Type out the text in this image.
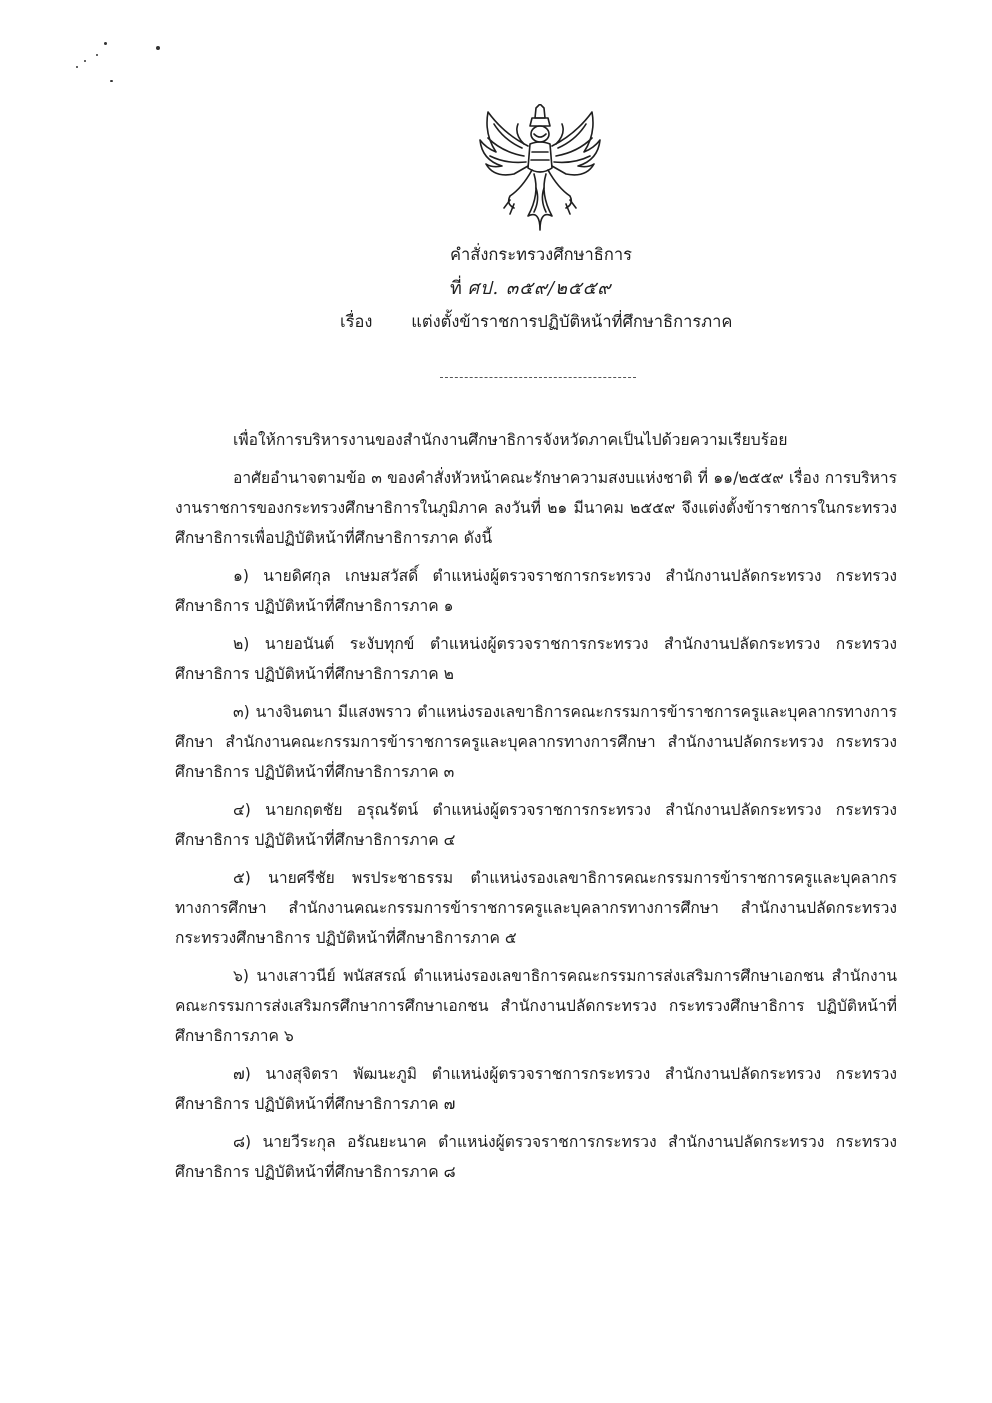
คำสั่งกระทรวงศึกษาธิการ
ที่ ศป. ๓๕๙/๒๕๕๙
เรื่อง แต่งตั้งข้าราชการปฏิบัติหน้าที่ศึกษาธิการภาค

เพื่อให้การบริหารงานของสำนักงานศึกษาธิการจังหวัดภาคเป็นไปด้วยความเรียบร้อย

อาศัยอำนาจตามข้อ ๓ ของคำสั่งหัวหน้าคณะรักษาความสงบแห่งชาติ ที่ ๑๑/๒๕๕๙ เรื่อง การบริหารงานราชการของกระทรวงศึกษาธิการในภูมิภาค ลงวันที่ ๒๑ มีนาคม ๒๕๕๙ จึงแต่งตั้งข้าราชการในกระทรวงศึกษาธิการเพื่อปฏิบัติหน้าที่ศึกษาธิการภาค ดังนี้

๑) นายดิศกุล เกษมสวัสดิ์ ตำแหน่งผู้ตรวจราชการกระทรวง สำนักงานปลัดกระทรวง กระทรวงศึกษาธิการ ปฏิบัติหน้าที่ศึกษาธิการภาค ๑

๒) นายอนันต์ ระงับทุกข์ ตำแหน่งผู้ตรวจราชการกระทรวง สำนักงานปลัดกระทรวง กระทรวงศึกษาธิการ ปฏิบัติหน้าที่ศึกษาธิการภาค ๒

๓) นางจินตนา มีแสงพราว ตำแหน่งรองเลขาธิการคณะกรรมการข้าราชการครูและบุคลากรทางการศึกษา สำนักงานคณะกรรมการข้าราชการครูและบุคลากรทางการศึกษา สำนักงานปลัดกระทรวง กระทรวงศึกษาธิการ ปฏิบัติหน้าที่ศึกษาธิการภาค ๓

๔) นายกฤตชัย อรุณรัตน์ ตำแหน่งผู้ตรวจราชการกระทรวง สำนักงานปลัดกระทรวง กระทรวงศึกษาธิการ ปฏิบัติหน้าที่ศึกษาธิการภาค ๔

๕) นายศรีชัย พรประชาธรรม ตำแหน่งรองเลขาธิการคณะกรรมการข้าราชการครูและบุคลากรทางการศึกษา สำนักงานคณะกรรมการข้าราชการครูและบุคลากรทางการศึกษา สำนักงานปลัดกระทรวง กระทรวงศึกษาธิการ ปฏิบัติหน้าที่ศึกษาธิการภาค ๕

๖) นางเสาวนีย์ พนัสสรณ์ ตำแหน่งรองเลขาธิการคณะกรรมการส่งเสริมการศึกษาเอกชน สำนักงานคณะกรรมการส่งเสริมกรศึกษาการศึกษาเอกชน สำนักงานปลัดกระทรวง กระทรวงศึกษาธิการ ปฏิบัติหน้าที่ศึกษาธิการภาค ๖

๗) นางสุจิตรา พัฒนะภูมิ ตำแหน่งผู้ตรวจราชการกระทรวง สำนักงานปลัดกระทรวง กระทรวงศึกษาธิการ ปฏิบัติหน้าที่ศึกษาธิการภาค ๗

๘) นายวีระกุล อรัณยะนาค ตำแหน่งผู้ตรวจราชการกระทรวง สำนักงานปลัดกระทรวง กระทรวงศึกษาธิการ ปฏิบัติหน้าที่ศึกษาธิการภาค ๘
